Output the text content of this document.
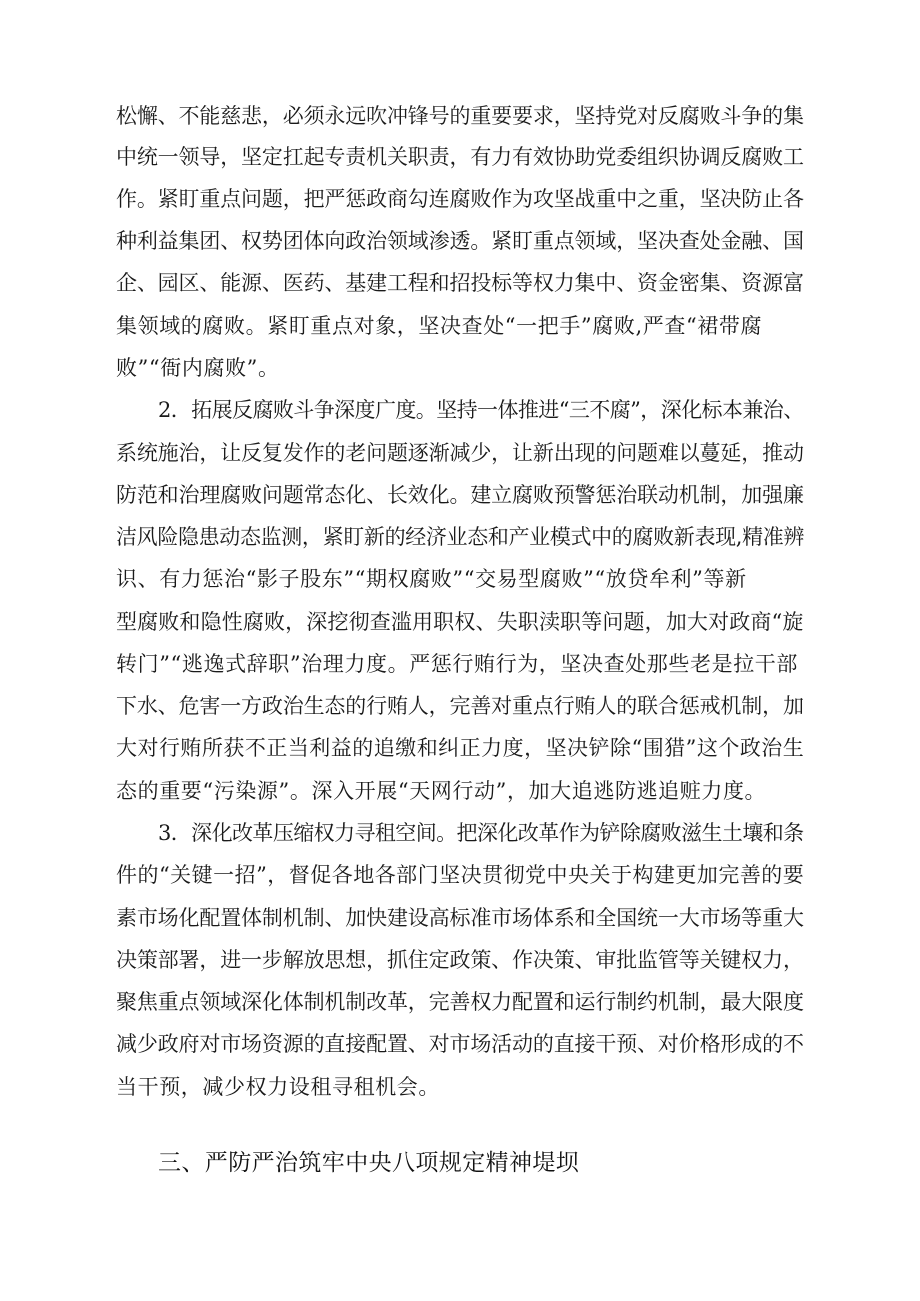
松懈、不能慈悲，必须永远吹冲锋号的重要要求，坚持党对反腐败斗争的集
中统一领导，坚定扛起专责机关职责，有力有效协助党委组织协调反腐败工
作。紧盯重点问题，把严惩政商勾连腐败作为攻坚战重中之重，坚决防止各
种利益集团、权势团体向政治领域渗透。紧盯重点领域，坚决查处金融、国
企、园区、能源、医药、基建工程和招投标等权力集中、资金密集、资源富
集领域的腐败。紧盯重点对象，坚决查处“一把手”腐败,严查“裙带腐
败”“衙内腐败”。
2．拓展反腐败斗争深度广度。坚持一体推进“三不腐”，深化标本兼治、
系统施治，让反复发作的老问题逐渐减少，让新出现的问题难以蔓延，推动
防范和治理腐败问题常态化、长效化。建立腐败预警惩治联动机制，加强廉
洁风险隐患动态监测，紧盯新的经济业态和产业模式中的腐败新表现,精准辨
识、有力惩治“影子股东”“期权腐败”“交易型腐败”“放贷牟利”等新
型腐败和隐性腐败，深挖彻查滥用职权、失职渎职等问题，加大对政商“旋
转门”“逃逸式辞职”治理力度。严惩行贿行为，坚决查处那些老是拉干部
下水、危害一方政治生态的行贿人，完善对重点行贿人的联合惩戒机制，加
大对行贿所获不正当利益的追缴和纠正力度，坚决铲除“围猎”这个政治生
态的重要“污染源”。深入开展“天网行动”，加大追逃防逃追赃力度。
3．深化改革压缩权力寻租空间。把深化改革作为铲除腐败滋生土壤和条
件的“关键一招”，督促各地各部门坚决贯彻党中央关于构建更加完善的要
素市场化配置体制机制、加快建设高标准市场体系和全国统一大市场等重大
决策部署，进一步解放思想，抓住定政策、作决策、审批监管等关键权力，
聚焦重点领域深化体制机制改革，完善权力配置和运行制约机制，最大限度
减少政府对市场资源的直接配置、对市场活动的直接干预、对价格形成的不
当干预，减少权力设租寻租机会。
三、严防严治筑牢中央八项规定精神堤坝
